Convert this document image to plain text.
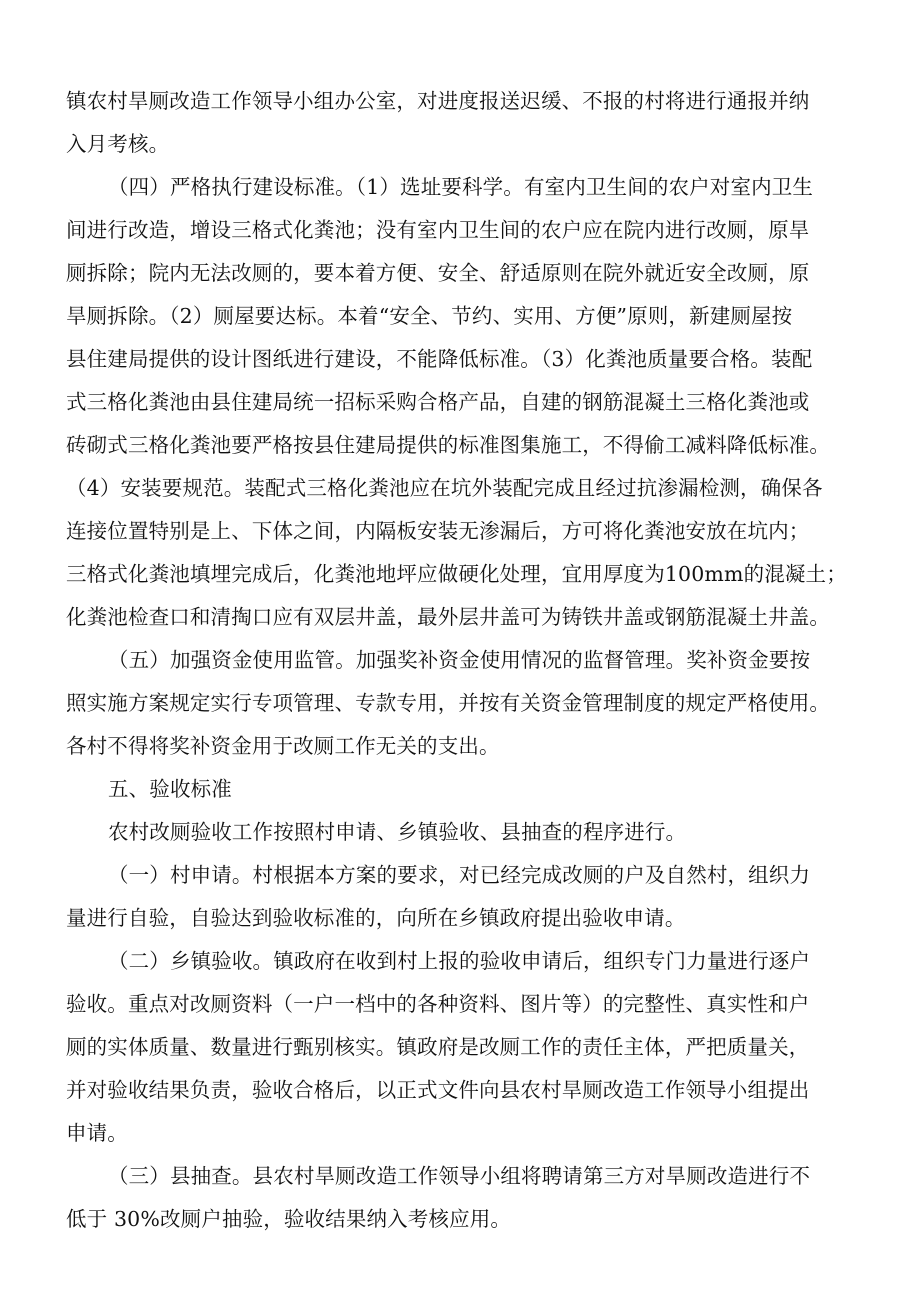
镇农村旱厕改造工作领导小组办公室，对进度报送迟缓、不报的村将进行通报并纳

入月考核。

（四）严格执行建设标准。（1）选址要科学。有室内卫生间的农户对室内卫生

间进行改造，增设三格式化粪池；没有室内卫生间的农户应在院内进行改厕，原旱

厕拆除；院内无法改厕的，要本着方便、安全、舒适原则在院外就近安全改厕，原

旱厕拆除。（2）厕屋要达标。本着“安全、节约、实用、方便”原则，新建厕屋按

县住建局提供的设计图纸进行建设，不能降低标准。（3）化粪池质量要合格。装配

式三格化粪池由县住建局统一招标采购合格产品，自建的钢筋混凝土三格化粪池或

砖砌式三格化粪池要严格按县住建局提供的标准图集施工，不得偷工减料降低标准。

（4）安装要规范。装配式三格化粪池应在坑外装配完成且经过抗渗漏检测，确保各

连接位置特别是上、下体之间，内隔板安装无渗漏后，方可将化粪池安放在坑内；

三格式化粪池填埋完成后，化粪池地坪应做硬化处理，宜用厚度为100mm的混凝土；

化粪池检查口和清掏口应有双层井盖，最外层井盖可为铸铁井盖或钢筋混凝土井盖。

（五）加强资金使用监管。加强奖补资金使用情况的监督管理。奖补资金要按

照实施方案规定实行专项管理、专款专用，并按有关资金管理制度的规定严格使用。

各村不得将奖补资金用于改厕工作无关的支出。

五、验收标准

农村改厕验收工作按照村申请、乡镇验收、县抽查的程序进行。

（一）村申请。村根据本方案的要求，对已经完成改厕的户及自然村，组织力

量进行自验，自验达到验收标准的，向所在乡镇政府提出验收申请。

（二）乡镇验收。镇政府在收到村上报的验收申请后，组织专门力量进行逐户

验收。重点对改厕资料（一户一档中的各种资料、图片等）的完整性、真实性和户

厕的实体质量、数量进行甄别核实。镇政府是改厕工作的责任主体，严把质量关，

并对验收结果负责，验收合格后，以正式文件向县农村旱厕改造工作领导小组提出

申请。

（三）县抽查。县农村旱厕改造工作领导小组将聘请第三方对旱厕改造进行不

低于 30%改厕户抽验，验收结果纳入考核应用。
